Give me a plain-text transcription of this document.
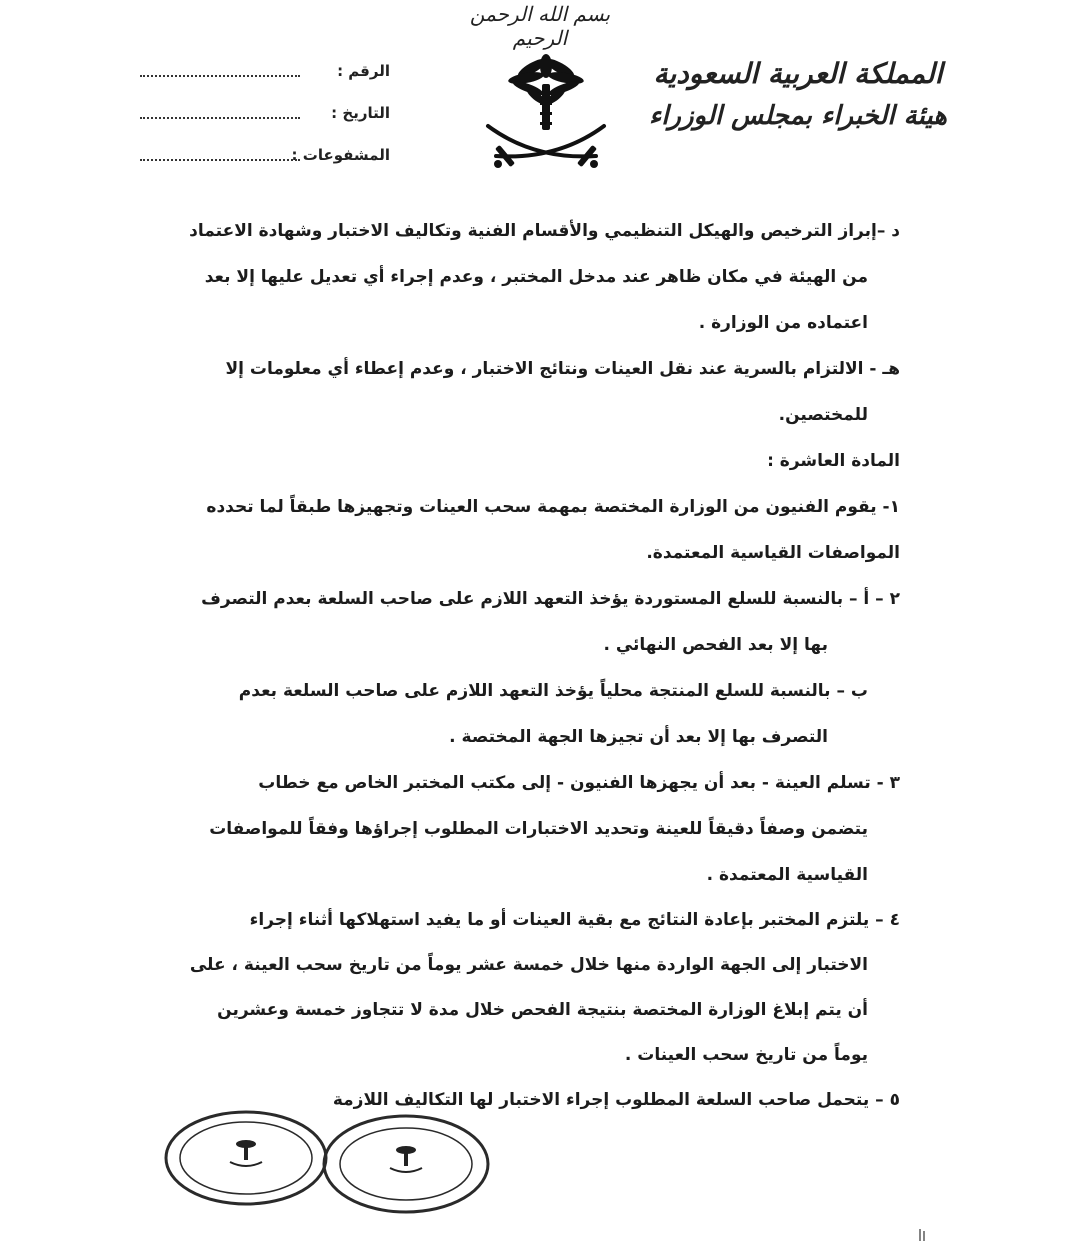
بسم الله الرحمن الرحيم
المملكة العربية السعودية
هيئة الخبراء بمجلس الوزراء
الرقم :
التاريخ :
المشفوعات :
د –إبراز الترخيص والهيكل التنظيمي والأقسام الفنية وتكاليف الاختبار وشهادة الاعتماد
من الهيئة في مكان ظاهر عند مدخل المختبر ، وعدم إجراء أي تعديل عليها إلا بعد
اعتماده من الوزارة .
هـ - الالتزام بالسرية عند نقل العينات ونتائج الاختبار ، وعدم إعطاء أي معلومات إلا
للمختصين.
المادة العاشرة :
١- يقوم الفنيون من الوزارة المختصة بمهمة سحب العينات وتجهيزها طبقاً لما تحدده
المواصفات القياسية المعتمدة.
٢ – أ – بالنسبة للسلع المستوردة يؤخذ التعهد اللازم على صاحب السلعة بعدم التصرف
بها إلا بعد الفحص النهائي .
ب – بالنسبة للسلع المنتجة محلياً يؤخذ التعهد اللازم على صاحب السلعة بعدم
التصرف بها إلا بعد أن تجيزها الجهة المختصة .
٣ - تسلم العينة - بعد أن يجهزها الفنيون - إلى مكتب المختبر الخاص مع خطاب
يتضمن وصفاً دقيقاً للعينة وتحديد الاختبارات المطلوب إجراؤها وفقاً للمواصفات
القياسية المعتمدة .
٤ – يلتزم المختبر بإعادة النتائج مع بقية العينات أو ما يفيد استهلاكها أثناء إجراء
الاختبار إلى الجهة الواردة منها خلال خمسة عشر يوماً من تاريخ سحب العينة ، على
أن يتم إبلاغ الوزارة المختصة بنتيجة الفحص خلال مدة لا تتجاوز خمسة وعشرين
يوماً من تاريخ سحب العينات .
٥ – يتحمل صاحب السلعة المطلوب إجراء الاختبار لها التكاليف اللازمة
